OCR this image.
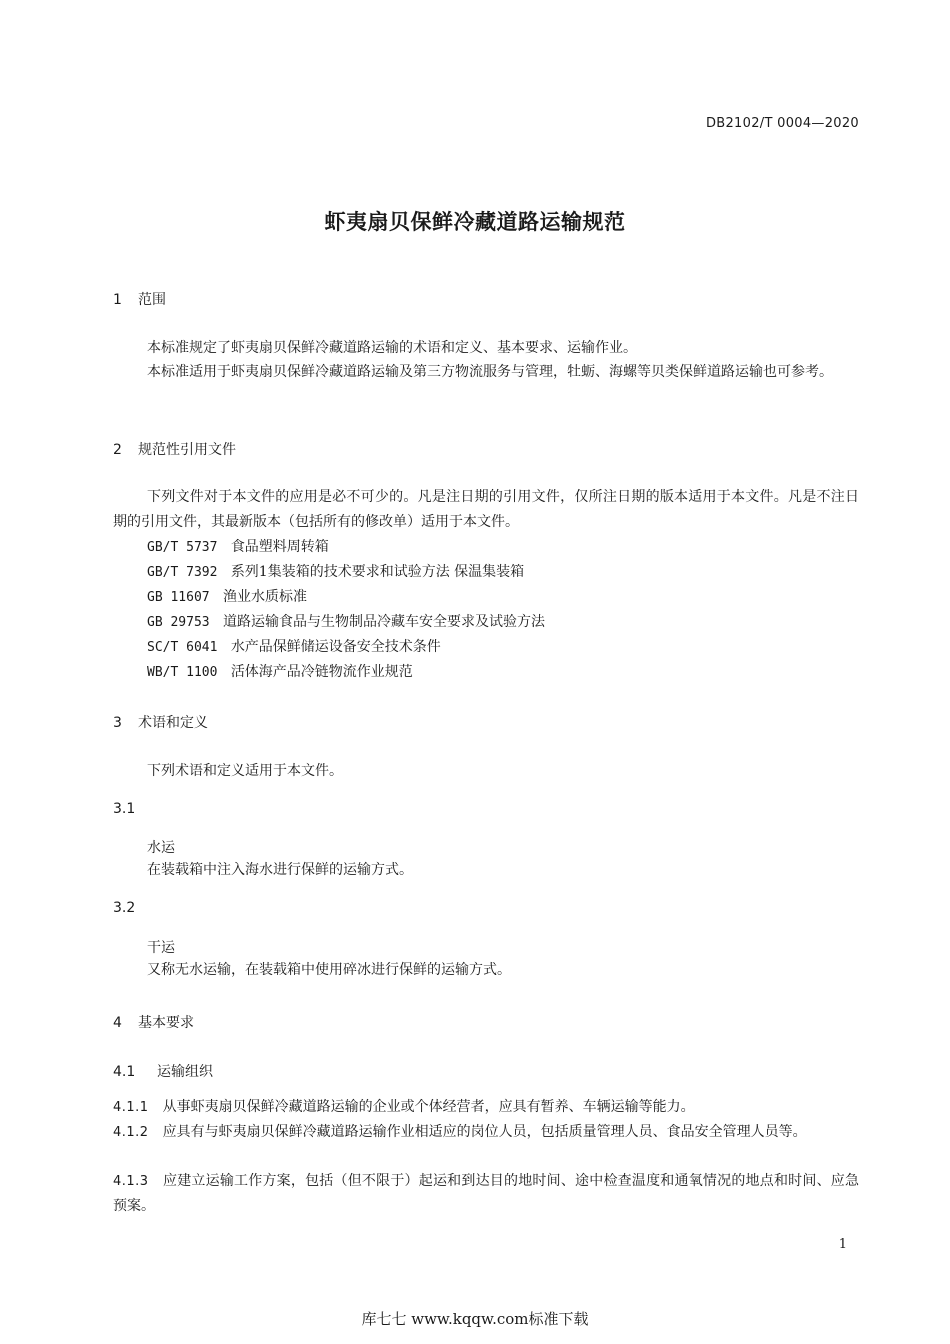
DB2102/T 0004—2020
虾夷扇贝保鲜冷藏道路运输规范
1 范围
本标准规定了虾夷扇贝保鲜冷藏道路运输的术语和定义、基本要求、运输作业。
本标准适用于虾夷扇贝保鲜冷藏道路运输及第三方物流服务与管理，牡蛎、海螺等贝类保鲜道路运输也可参考。
2 规范性引用文件
下列文件对于本文件的应用是必不可少的。凡是注日期的引用文件，仅所注日期的版本适用于本文件。凡是不注日期的引用文件，其最新版本（包括所有的修改单）适用于本文件。
GB/T 5737 食品塑料周转箱
GB/T 7392 系列1集装箱的技术要求和试验方法 保温集装箱
GB 11607 渔业水质标准
GB 29753 道路运输食品与生物制品冷藏车安全要求及试验方法
SC/T 6041 水产品保鲜储运设备安全技术条件
WB/T 1100 活体海产品冷链物流作业规范
3 术语和定义
下列术语和定义适用于本文件。
3.1
水运
在装载箱中注入海水进行保鲜的运输方式。
3.2
干运
又称无水运输，在装载箱中使用碎冰进行保鲜的运输方式。
4 基本要求
4.1 运输组织
4.1.1　 从事虾夷扇贝保鲜冷藏道路运输的企业或个体经营者，应具有暂养、车辆运输等能力。
4.1.2　 应具有与虾夷扇贝保鲜冷藏道路运输作业相适应的岗位人员，包括质量管理人员、食品安全管理人员等。
4.1.3　 应建立运输工作方案，包括（但不限于）起运和到达目的地时间、途中检查温度和通氧情况的地点和时间、应急预案。
1
库七七 www.kqqw.com标准下载
